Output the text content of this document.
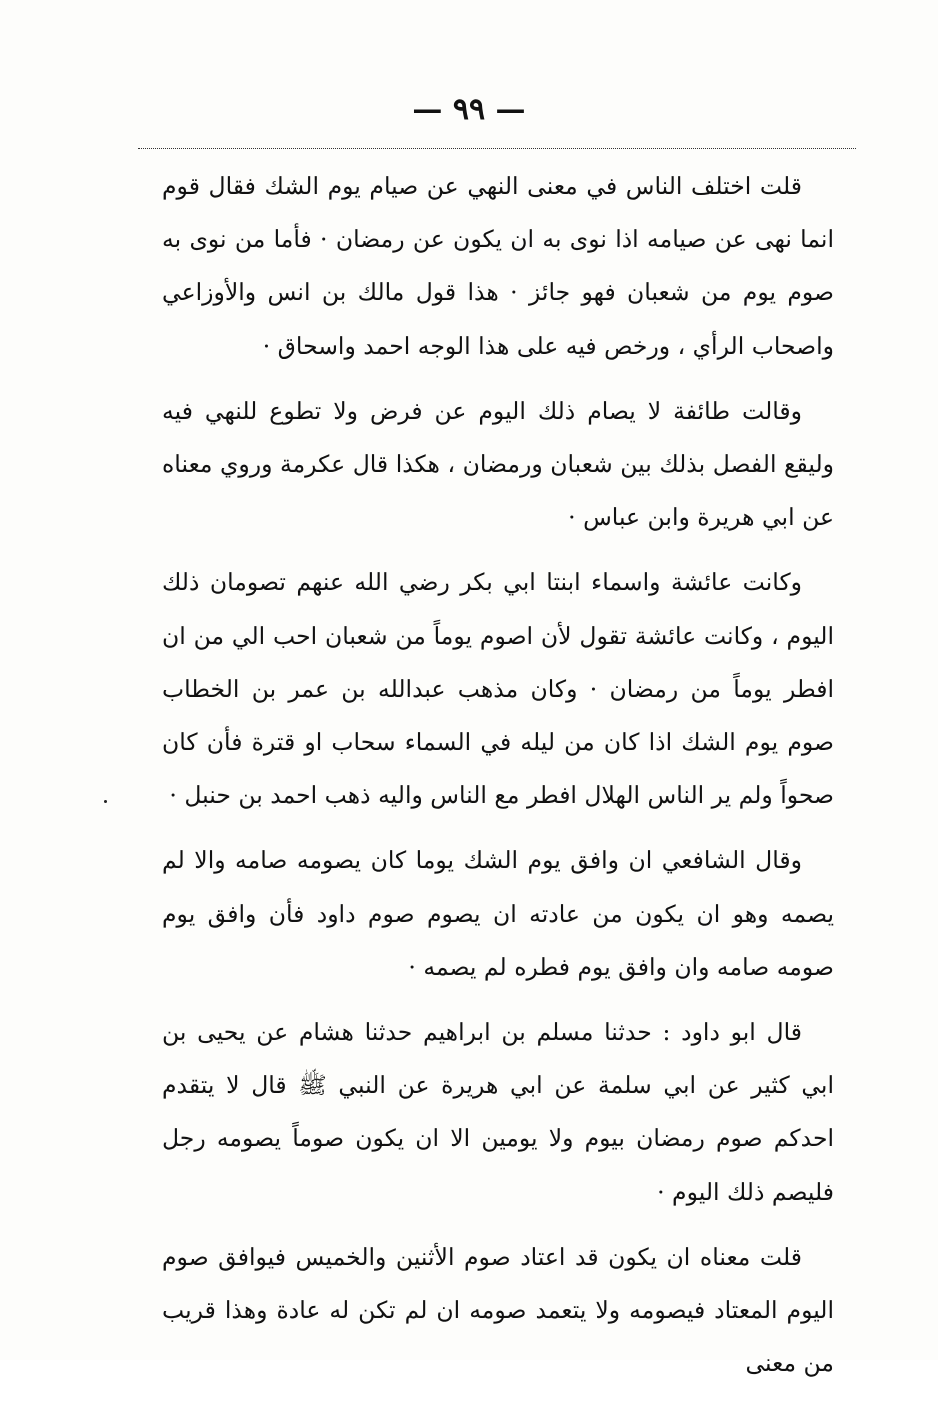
— ٩٩ —

قلت اختلف الناس في معنى النهي عن صيام يوم الشك فقال قوم انما نهى عن صيامه اذا نوى به ان يكون عن رمضان · فأما من نوى به صوم يوم من شعبان فهو جائز · هذا قول مالك بن انس والأوزاعي واصحاب الرأي ، ورخص فيه على هذا الوجه احمد واسحاق ·

وقالت طائفة لا يصام ذلك اليوم عن فرض ولا تطوع للنهي فيه وليقع الفصل بذلك بين شعبان ورمضان ، هكذا قال عكرمة وروي معناه عن ابي هريرة وابن عباس ·

وكانت عائشة واسماء ابنتا ابي بكر رضي الله عنهم تصومان ذلك اليوم ، وكانت عائشة تقول لأن اصوم يوماً من شعبان احب الي من ان افطر يوماً من رمضان · وكان مذهب عبدالله بن عمر بن الخطاب صوم يوم الشك اذا كان من ليله في السماء سحاب او قترة فأن كان صحواً ولم ير الناس الهلال افطر مع الناس واليه ذهب احمد بن حنبل ·

وقال الشافعي ان وافق يوم الشك يوما كان يصومه صامه والا لم يصمه وهو ان يكون من عادته ان يصوم صوم داود فأن وافق يوم صومه صامه وان وافق يوم فطره لم يصمه ·

قال ابو داود : حدثنا مسلم بن ابراهيم حدثنا هشام عن يحيى بن ابي كثير عن ابي سلمة عن ابي هريرة عن النبي ﷺ قال لا يتقدم احدكم صوم رمضان بيوم ولا يومين الا ان يكون صوماً يصومه رجل فليصم ذلك اليوم ·

قلت معناه ان يكون قد اعتاد صوم الأثنين والخميس فيوافق صوم اليوم المعتاد فيصومه ولا يتعمد صومه ان لم تكن له عادة وهذا قريب من معنى
